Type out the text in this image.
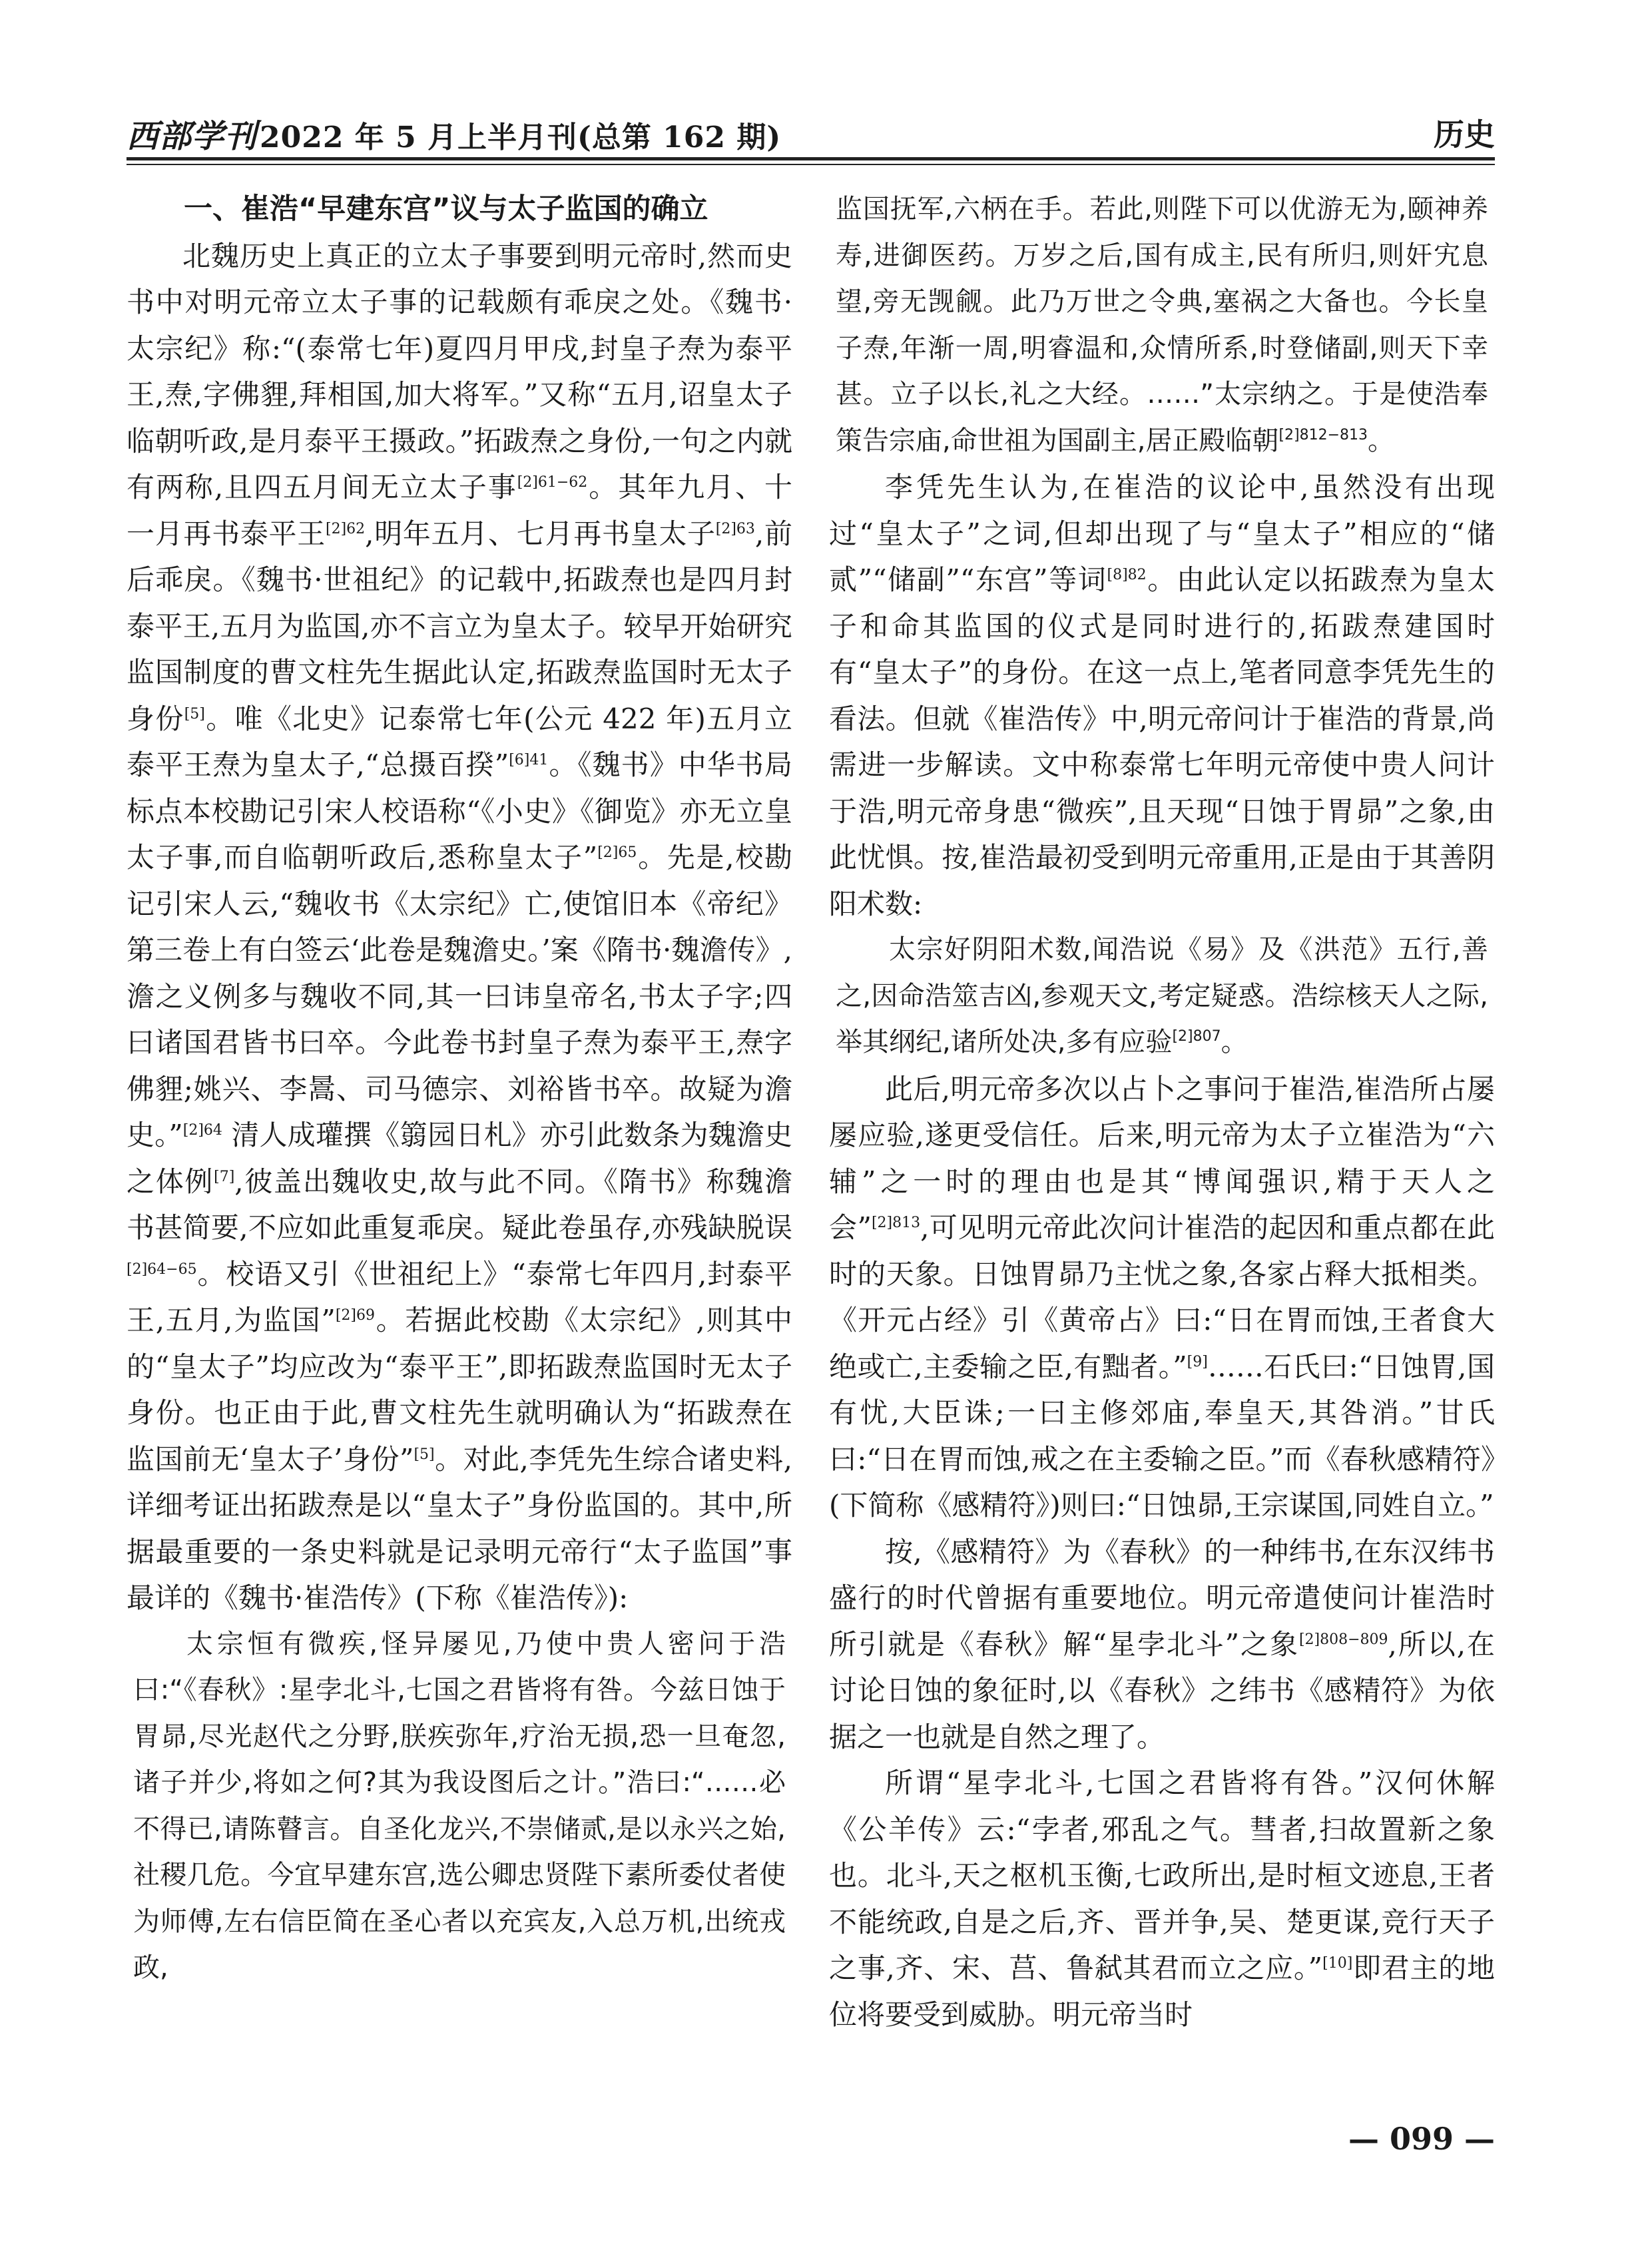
西部学刊2022 年 5 月上半月刊(总第 162 期)	历史
一、崔浩“早建东宫”议与太子监国的确立

北魏历史上真正的立太子事要到明元帝时,然而史书中对明元帝立太子事的记载颇有乖戾之处。《魏书·太宗纪》称:“(泰常七年)夏四月甲戌,封皇子焘为泰平王,焘,字佛貍,拜相国,加大将军。”又称“五月,诏皇太子临朝听政,是月泰平王摄政。”拓跋焘之身份,一句之内就有两称,且四五月间无立太子事$^{[2]61-62}$。其年九月、十一月再书泰平王$^{[2]62}$,明年五月、七月再书皇太子$^{[2]63}$,前后乖戾。《魏书·世祖纪》的记载中,拓跋焘也是四月封泰平王,五月为监国,亦不言立为皇太子。较早开始研究监国制度的曹文柱先生据此认定,拓跋焘监国时无太子身份[5]。唯《北史》记泰常七年(公元 422 年)五月立泰平王焘为皇太子,“总摄百揆”$^{[6]41}$。《魏书》中华书局标点本校勘记引宋人校语称“《小史》《御览》亦无立皇太子事,而自临朝听政后,悉称皇太子”$^{[2]65}$。先是,校勘记引宋人云,“魏收书《太宗纪》亡,使馆旧本《帝纪》第三卷上有白签云‘此卷是魏澹史。’案《隋书·魏澹传》,澹之义例多与魏收不同,其一曰讳皇帝名,书太子字;四曰诸国君皆书曰卒。今此卷书封皇子焘为泰平王,焘字佛貍;姚兴、李暠、司马德宗、刘裕皆书卒。故疑为澹史。”$^{[2]64}$ 清人成瓘撰《篛园日札》亦引此数条为魏澹史之体例[7],彼盖出魏收史,故与此不同。《隋书》称魏澹书甚简要,不应如此重复乖戾。疑此卷虽存,亦残缺脱误$^{[2]64-65}$。校语又引《世祖纪上》“泰常七年四月,封泰平王,五月,为监国”$^{[2]69}$。若据此校勘《太宗纪》,则其中的“皇太子”均应改为“泰平王”,即拓跋焘监国时无太子身份。也正由于此,曹文柱先生就明确认为“拓跋焘在监国前无‘皇太子’身份”[5]。对此,李凭先生综合诸史料,详细考证出拓跋焘是以“皇太子”身份监国的。其中,所据最重要的一条史料就是记录明元帝行“太子监国”事最详的《魏书·崔浩传》(下称《崔浩传》):

太宗恒有微疾,怪异屡见,乃使中贵人密问于浩曰:“《春秋》:星孛北斗,七国之君皆将有咎。今兹日蚀于胃昴,尽光赵代之分野,朕疾弥年,疗治无损,恐一旦奄忽,诸子并少,将如之何?其为我设图后之计。”浩曰:“……必不得已,请陈瞽言。自圣化龙兴,不崇储贰,是以永兴之始,社稷几危。今宜早建东宫,选公卿忠贤陛下素所委仗者使为师傅,左右信臣简在圣心者以充宾友,入总万机,出统戎政,

监国抚军,六柄在手。若此,则陛下可以优游无为,颐神养寿,进御医药。万岁之后,国有成主,民有所归,则奸宄息望,旁无觊觎。此乃万世之令典,塞祸之大备也。今长皇子焘,年渐一周,明睿温和,众情所系,时登储副,则天下幸甚。立子以长,礼之大经。……”太宗纳之。于是使浩奉策告宗庙,命世祖为国副主,居正殿临朝$^{[2]812-813}$。

李凭先生认为,在崔浩的议论中,虽然没有出现过“皇太子”之词,但却出现了与“皇太子”相应的“储贰”“储副”“东宫”等词$^{[8]82}$。由此认定以拓跋焘为皇太子和命其监国的仪式是同时进行的,拓跋焘建国时有“皇太子”的身份。在这一点上,笔者同意李凭先生的看法。但就《崔浩传》中,明元帝问计于崔浩的背景,尚需进一步解读。文中称泰常七年明元帝使中贵人问计于浩,明元帝身患“微疾”,且天现“日蚀于胃昴”之象,由此忧惧。按,崔浩最初受到明元帝重用,正是由于其善阴阳术数:

太宗好阴阳术数,闻浩说《易》及《洪范》五行,善之,因命浩筮吉凶,参观天文,考定疑惑。浩综核天人之际,举其纲纪,诸所处决,多有应验$^{[2]807}$。

此后,明元帝多次以占卜之事问于崔浩,崔浩所占屡屡应验,遂更受信任。后来,明元帝为太子立崔浩为“六辅”之一时的理由也是其“博闻强识,精于天人之会”$^{[2]813}$,可见明元帝此次问计崔浩的起因和重点都在此时的天象。日蚀胃昴乃主忧之象,各家占释大抵相类。《开元占经》引《黄帝占》曰:“日在胃而蚀,王者食大绝或亡,主委输之臣,有黜者。”[9]……石氏曰:“日蚀胃,国有忧,大臣诛;一曰主修郊庙,奉皇天,其咎消。”甘氏曰:“日在胃而蚀,戒之在主委输之臣。”而《春秋感精符》(下简称《感精符》)则曰:“日蚀昴,王宗谋国,同姓自立。”

按,《感精符》为《春秋》的一种纬书,在东汉纬书盛行的时代曾据有重要地位。明元帝遣使问计崔浩时所引就是《春秋》解“星孛北斗”之象$^{[2]808-809}$,所以,在讨论日蚀的象征时,以《春秋》之纬书《感精符》为依据之一也就是自然之理了。

所谓“星孛北斗,七国之君皆将有咎。”汉何休解《公羊传》云:“孛者,邪乱之气。彗者,扫故置新之象也。北斗,天之枢机玉衡,七政所出,是时桓文迹息,王者不能统政,自是之后,齐、晋并争,吴、楚更谋,竞行天子之事,齐、宋、莒、鲁弑其君而立之应。”[10]即君主的地位将要受到威胁。明元帝当时

— 099 —
